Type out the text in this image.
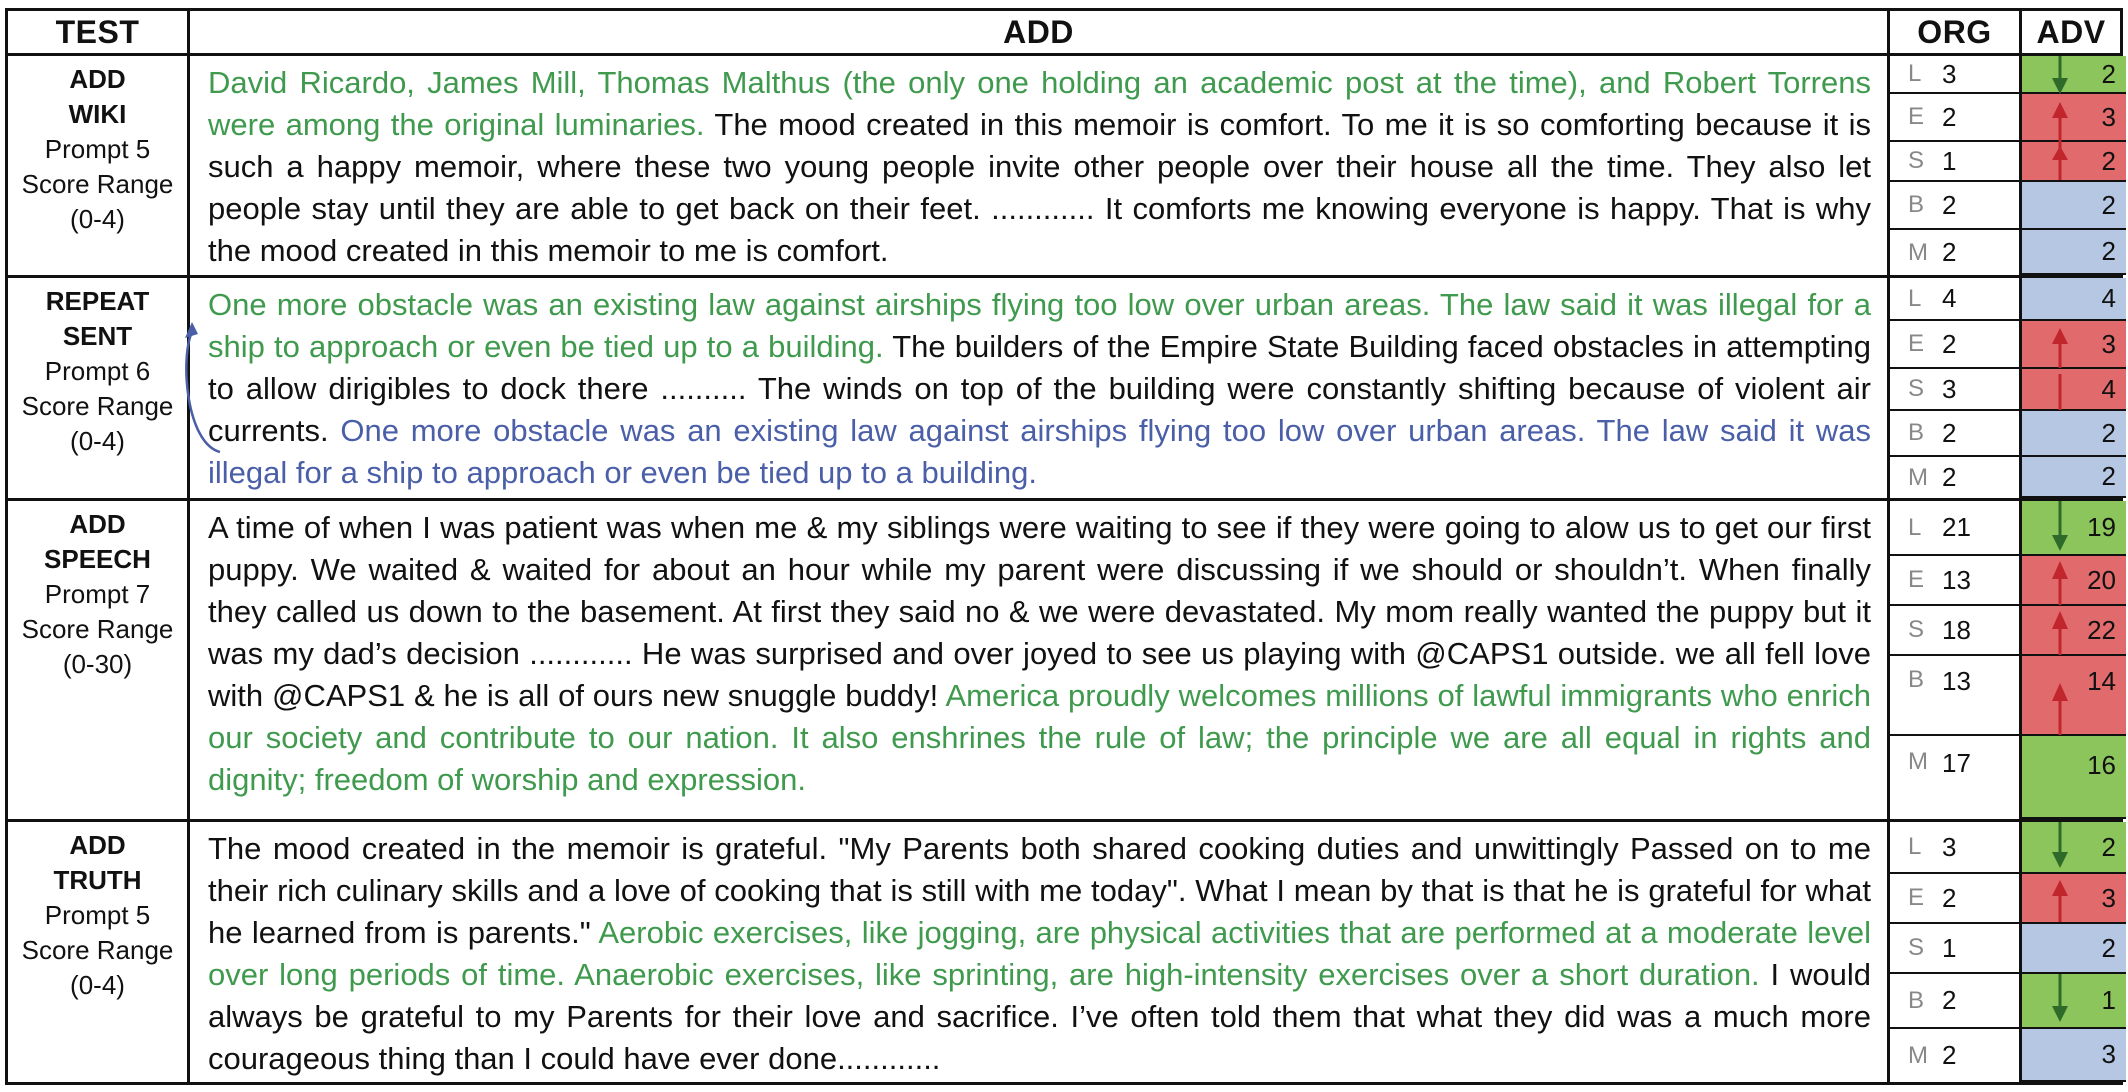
TEST	ADD	ORG ADV
ADD
WIKI
Prompt 5
Score Range
(0-4)
David Ricardo, James Mill, Thomas Malthus (the only one holding an academic post at the time), and Robert Torrens were among the original luminaries. The mood created in this memoir is comfort. To me it is so comforting because it is such a happy memoir, where these two young people invite other people over their house all the time. They also let people stay until they are able to get back on their feet. ............ It comforts me knowing everyone is happy. That is why the mood created in this memoir to me is comfort.
L 3
E 2
S 1
B 2
M 2
2
3
2
2
2
REPEAT
SENT
Prompt 6
Score Range
(0-4)
One more obstacle was an existing law against airships flying too low over urban areas. The law said it was illegal for a ship to approach or even be tied up to a building. The builders of the Empire State Building faced obstacles in attempting to allow dirigibles to dock there .......... The winds on top of the building were constantly shifting because of violent air currents. One more obstacle was an existing law against airships flying too low over urban areas. The law said it was illegal for a ship to approach or even be tied up to a building.
L 4
E 2
S 3
B 2
M 2
4
3
4
2
2
ADD
SPEECH
Prompt 7
Score Range
(0-30)
A time of when I was patient was when me & my siblings were waiting to see if they were going to alow us to get our first puppy. We waited & waited for about an hour while my parent were discussing if we should or shouldn’t. When finally they called us down to the basement. At first they said no & we were devastated. My mom really wanted the puppy but it was my dad’s decision ............ He was surprised and over joyed to see us playing with @CAPS1 outside. we all fell love with @CAPS1 & he is all of ours new snuggle buddy! America proudly welcomes millions of lawful immigrants who enrich our society and contribute to our nation. It also enshrines the rule of law; the principle we are all equal in rights and dignity; freedom of worship and expression.
L 21
E 13
S 18
B 13
M 17
19
20
22
14
16
ADD
TRUTH
Prompt 5
Score Range
(0-4)
The mood created in the memoir is grateful. "My Parents both shared cooking duties and unwittingly Passed on to me their rich culinary skills and a love of cooking that is still with me today". What I mean by that is that he is grateful for what he learned from is parents." Aerobic exercises, like jogging, are physical activities that are performed at a moderate level over long periods of time. Anaerobic exercises, like sprinting, are high-intensity exercises over a short duration. I would always be grateful to my Parents for their love and sacrifice. I’ve often told them that what they did was a much more courageous thing than I could have ever done............
L 3
E 2
S 1
B 2
M 2
2
3
2
1
3
